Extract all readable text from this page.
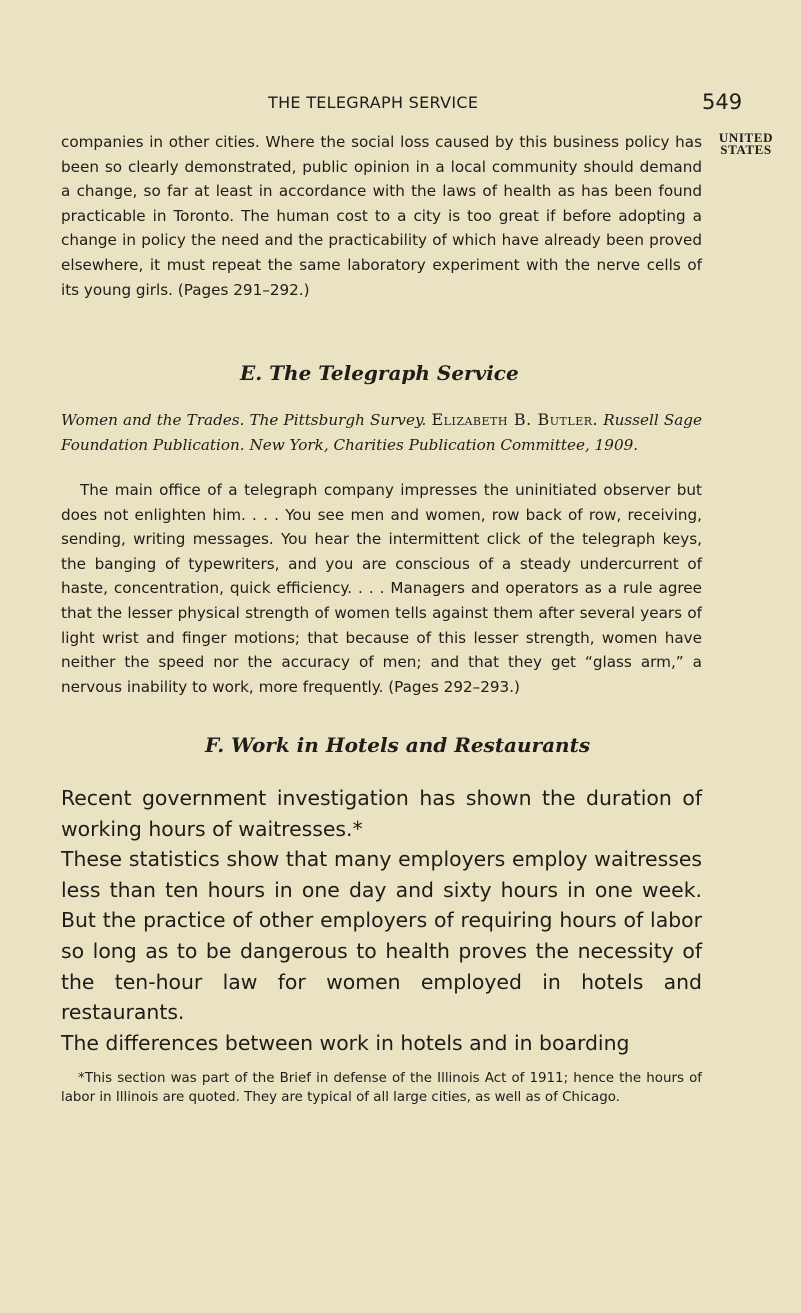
THE TELEGRAPH SERVICE	549
UNITED
STATES

companies in other cities. Where the social loss caused by this business policy has been so clearly demonstrated, public opinion in a local community should demand a change, so far at least in accordance with the laws of health as has been found practicable in Toronto. The human cost to a city is too great if before adopting a change in policy the need and the practicability of which have already been proved elsewhere, it must repeat the same laboratory experiment with the nerve cells of its young girls. (Pages 291–292.)

E. The Telegraph Service

Women and the Trades. The Pittsburgh Survey. Elizabeth B. Butler. Russell Sage Foundation Publication. New York, Charities Publication Committee, 1909.

The main office of a telegraph company impresses the uninitiated observer but does not enlighten him. . . . You see men and women, row back of row, receiving, sending, writing messages. You hear the intermittent click of the telegraph keys, the banging of typewriters, and you are conscious of a steady undercurrent of haste, concentration, quick efficiency. . . . Managers and operators as a rule agree that the lesser physical strength of women tells against them after several years of light wrist and finger motions; that because of this lesser strength, women have neither the speed nor the accuracy of men; and that they get “glass arm,” a nervous inability to work, more frequently. (Pages 292–293.)

F. Work in Hotels and Restaurants

Recent government investigation has shown the duration of working hours of waitresses.*

These statistics show that many employers employ waitresses less than ten hours in one day and sixty hours in one week. But the practice of other employers of requiring hours of labor so long as to be dangerous to health proves the necessity of the ten-hour law for women employed in hotels and restaurants.

The differences between work in hotels and in boarding

*This section was part of the Brief in defense of the Illinois Act of 1911; hence the hours of labor in Illinois are quoted. They are typical of all large cities, as well as of Chicago.
